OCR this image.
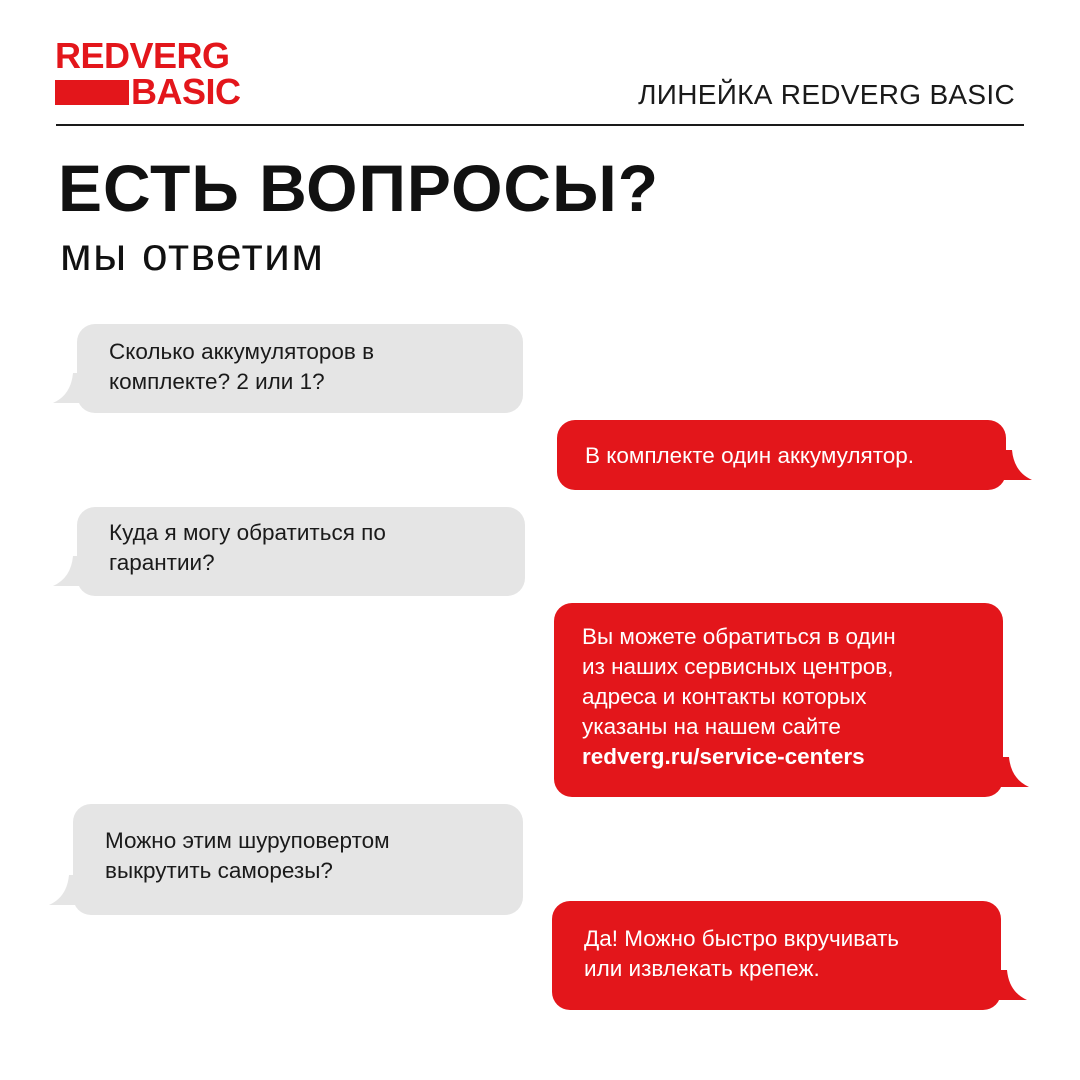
REDVERG
BASIC	ЛИНЕЙКА REDVERG BASIC
ЕСТЬ ВОПРОСЫ?
мы ответим
Сколько аккумуляторов в
комплекте? 2 или 1?
В комплекте один аккумулятор.
Куда я могу обратиться по
гарантии?
Вы можете обратиться в один
из наших сервисных центров,
адреса и контакты которых
указаны на нашем сайте
redverg.ru/service-centers
Можно этим шуруповертом
выкрутить саморезы?
Да! Можно быстро вкручивать
или извлекать крепеж.
